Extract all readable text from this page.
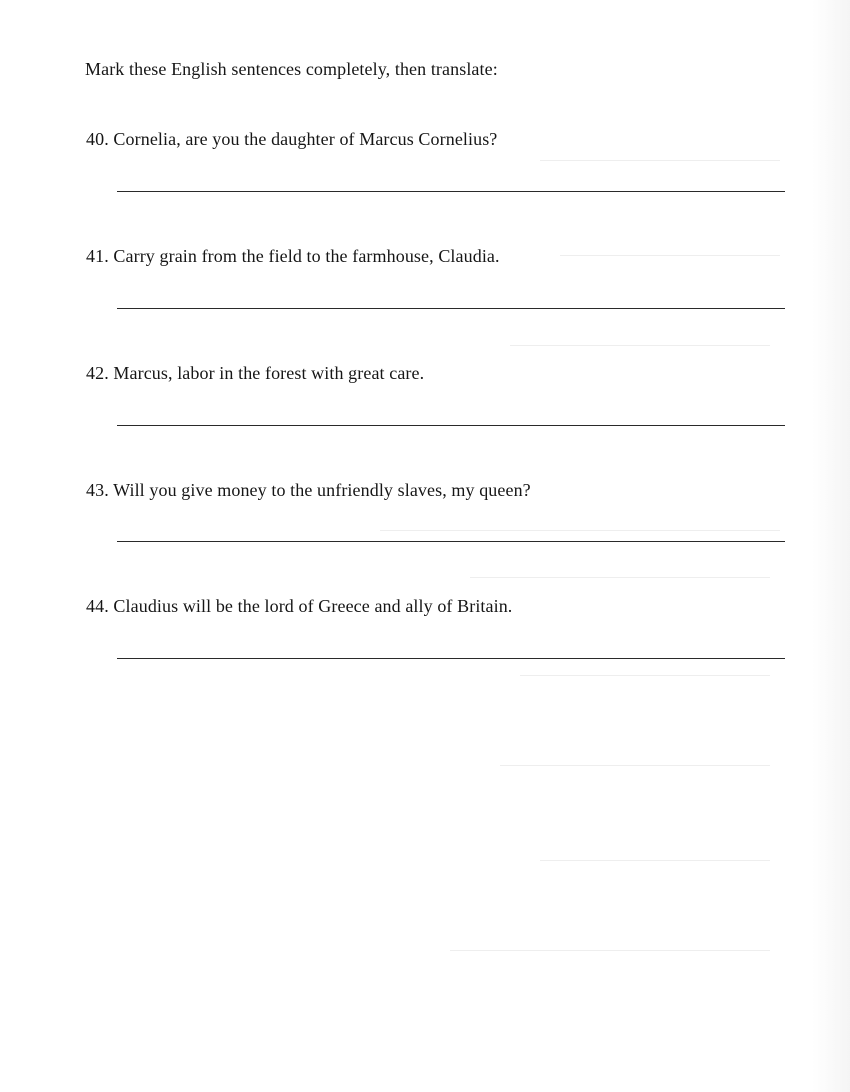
Mark these English sentences completely, then translate:
40. Cornelia, are you the daughter of Marcus Cornelius?
41. Carry grain from the field to the farmhouse, Claudia.
42. Marcus, labor in the forest with great care.
43. Will you give money to the unfriendly slaves, my queen?
44. Claudius will be the lord of Greece and ally of Britain.
